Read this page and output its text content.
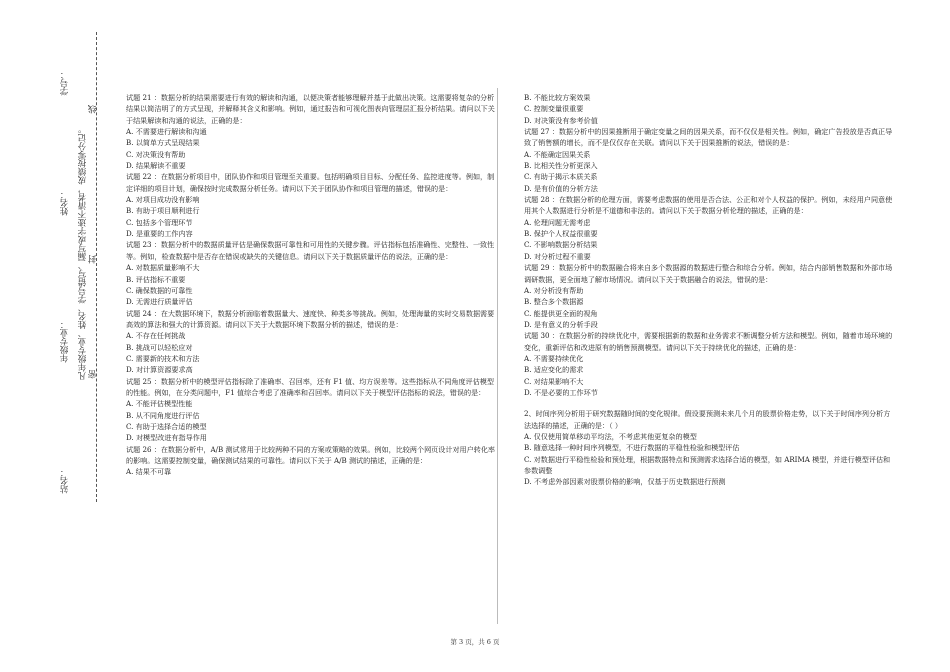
学号：
姓名：
年级专业：
站名：
凡年级专业、姓名、学号错写、漏写或字迹不清者，成绩按零分记。
线
封
密

试题 21 ：数据分析的结果需要进行有效的解读和沟通，以便决策者能够理解并基于此做出决策。这需要将复杂的分析结果以简洁明了的方式呈现，并解释其含义和影响。例如，通过报告和可视化图表向管理层汇报分析结果。请问以下关于结果解读和沟通的说法，正确的是：

A. 不需要进行解读和沟通

B. 以简单方式呈现结果

C. 对决策没有帮助

D. 结果解读不重要

试题 22 ：在数据分析项目中，团队协作和项目管理至关重要。包括明确项目目标、分配任务、监控进度等。例如，制定详细的项目计划，确保按时完成数据分析任务。请问以下关于团队协作和项目管理的描述，错误的是：

A. 对项目成功没有影响

B. 有助于项目顺利进行

C. 包括多个管理环节

D. 是重要的工作内容

试题 23 ：数据分析中的数据质量评估是确保数据可靠性和可用性的关键步骤。评估指标包括准确性、完整性、一致性等。例如，检查数据中是否存在错误或缺失的关键信息。请问以下关于数据质量评估的说法，正确的是：

A. 对数据质量影响不大

B. 评估指标不重要

C. 确保数据的可靠性

D. 无需进行质量评估

试题 24 ：在大数据环境下，数据分析面临着数据量大、速度快、种类多等挑战。例如，处理海量的实时交易数据需要高效的算法和强大的计算资源。请问以下关于大数据环境下数据分析的描述，错误的是：

A. 不存在任何挑战

B. 挑战可以轻松应对

C. 需要新的技术和方法

D. 对计算资源要求高

试题 25 ：数据分析中的模型评估指标除了准确率、召回率，还有 F1 值、均方误差等。这些指标从不同角度评估模型的性能。例如，在分类问题中，F1 值综合考虑了准确率和召回率。请问以下关于模型评估指标的说法，错误的是：

A. 不能评估模型性能

B. 从不同角度进行评估

C. 有助于选择合适的模型

D. 对模型改进有指导作用

试题 26 ：在数据分析中，A/B 测试常用于比较两种不同的方案或策略的效果。例如，比较两个网页设计对用户转化率的影响。这需要控制变量，确保测试结果的可靠性。请问以下关于 A/B 测试的描述，正确的是：

A. 结果不可靠

B. 不能比较方案效果

C. 控制变量很重要

D. 对决策没有参考价值

试题 27 ：数据分析中的因果推断用于确定变量之间的因果关系，而不仅仅是相关性。例如，确定广告投放是否真正导致了销售额的增长，而不是仅仅存在关联。请问以下关于因果推断的说法，错误的是：

A. 不能确定因果关系

B. 比相关性分析更深入

C. 有助于揭示本质关系

D. 是有价值的分析方法

试题 28 ：在数据分析的伦理方面，需要考虑数据的使用是否合法、公正和对个人权益的保护。例如，未经用户同意使用其个人数据进行分析是不道德和非法的。请问以下关于数据分析伦理的描述，正确的是：

A. 伦理问题无需考虑

B. 保护个人权益很重要

C. 不影响数据分析结果

D. 对分析过程不重要

试题 29 ：数据分析中的数据融合将来自多个数据源的数据进行整合和综合分析。例如，结合内部销售数据和外部市场调研数据，更全面地了解市场情况。请问以下关于数据融合的说法，错误的是：

A. 对分析没有帮助

B. 整合多个数据源

C. 能提供更全面的视角

D. 是有意义的分析手段

试题 30 ：在数据分析的持续优化中，需要根据新的数据和业务需求不断调整分析方法和模型。例如，随着市场环境的变化，重新评估和改进原有的销售预测模型。请问以下关于持续优化的描述，正确的是：

A. 不需要持续优化

B. 适应变化的需求

C. 对结果影响不大

D. 不是必要的工作环节

2、时间序列分析用于研究数据随时间的变化规律。假设要预测未来几个月的股票价格走势，以下关于时间序列分析方法选择的描述，正确的是：（ ）

A. 仅仅使用简单移动平均法，不考虑其他更复杂的模型

B. 随意选择一种时间序列模型，不进行数据的平稳性检验和模型评估

C. 对数据进行平稳性检验和预处理，根据数据特点和预测需求选择合适的模型，如 ARIMA 模型，并进行模型评估和参数调整

D. 不考虑外部因素对股票价格的影响，仅基于历史数据进行预测

第 3 页，共 6 页
